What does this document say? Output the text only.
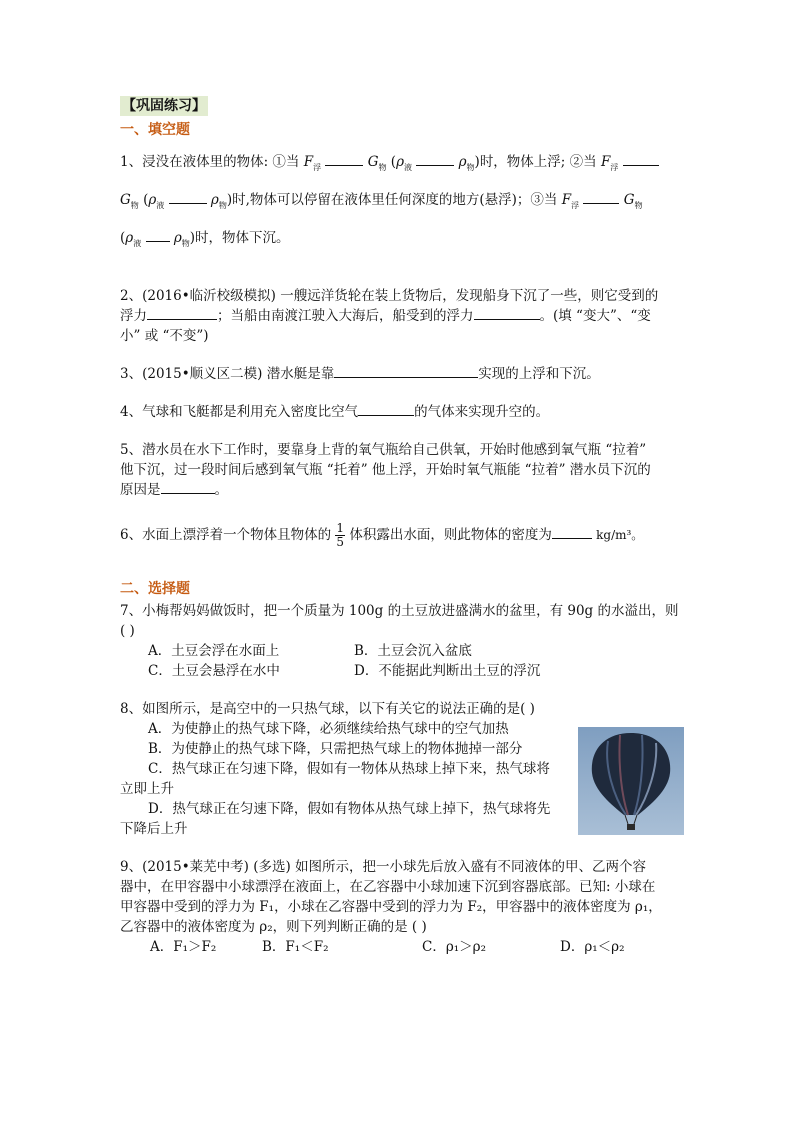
【巩固练习】
一、填空题

1、浸没在液体里的物体: ①当 $F_浮$	$G_物$ ($\rho_液$	$\rho_物$)时，物体上浮; ②当 $F_浮$

$G_物$ ($\rho_液$	$\rho_物$)时,物体可以停留在液体里任何深度的地方(悬浮)；③当 $F_浮$	$G_物$

($\rho_液$ $\rho_物$)时，物体下沉。

2、(2016•临沂校级模拟) 一艘远洋货轮在装上货物后，发现船身下沉了一些，则它受到的

浮力	；当船由南渡江驶入大海后，船受到的浮力	。(填 “变大”、“变

小” 或 “不变”)

3、(2015•顺义区二模) 潜水艇是靠	实现的上浮和下沉。

4、气球和飞艇都是利用充入密度比空气	的气体来实现升空的。

5、潜水员在水下工作时，要靠身上背的氧气瓶给自己供氧，开始时他感到氧气瓶 “拉着”

他下沉，过一段时间后感到氧气瓶 “托着” 他上浮，开始时氧气瓶能 “拉着” 潜水员下沉的

原因是	。

6、水面上漂浮着一个物体且物体的 $\frac{1}{5}$ 体积露出水面，则此物体的密度为	kg/m³。

二、选择题

7、小梅帮妈妈做饭时，把一个质量为 100g 的土豆放进盛满水的盆里，有 90g 的水溢出，则

( )

A．土豆会浮在水面上	B．土豆会沉入盆底
C．土豆会悬浮在水中	D．不能据此判断出土豆的浮沉

8、如图所示，是高空中的一只热气球，以下有关它的说法正确的是( )

A．为使静止的热气球下降，必须继续给热气球中的空气加热

B．为使静止的热气球下降，只需把热气球上的物体抛掉一部分

C．热气球正在匀速下降，假如有一物体从热球上掉下来，热气球将

立即上升

D．热气球正在匀速下降，假如有物体从热气球上掉下，热气球将先

下降后上升

9、(2015•莱芜中考) (多选) 如图所示，把一小球先后放入盛有不同液体的甲、乙两个容

器中，在甲容器中小球漂浮在液面上，在乙容器中小球加速下沉到容器底部。已知: 小球在

甲容器中受到的浮力为 F₁，小球在乙容器中受到的浮力为 F₂，甲容器中的液体密度为 ρ₁，

乙容器中的液体密度为 ρ₂，则下列判断正确的是 ( )

A．F₁＞F₂	B．F₁＜F₂	C．ρ₁＞ρ₂	D．ρ₁＜ρ₂
